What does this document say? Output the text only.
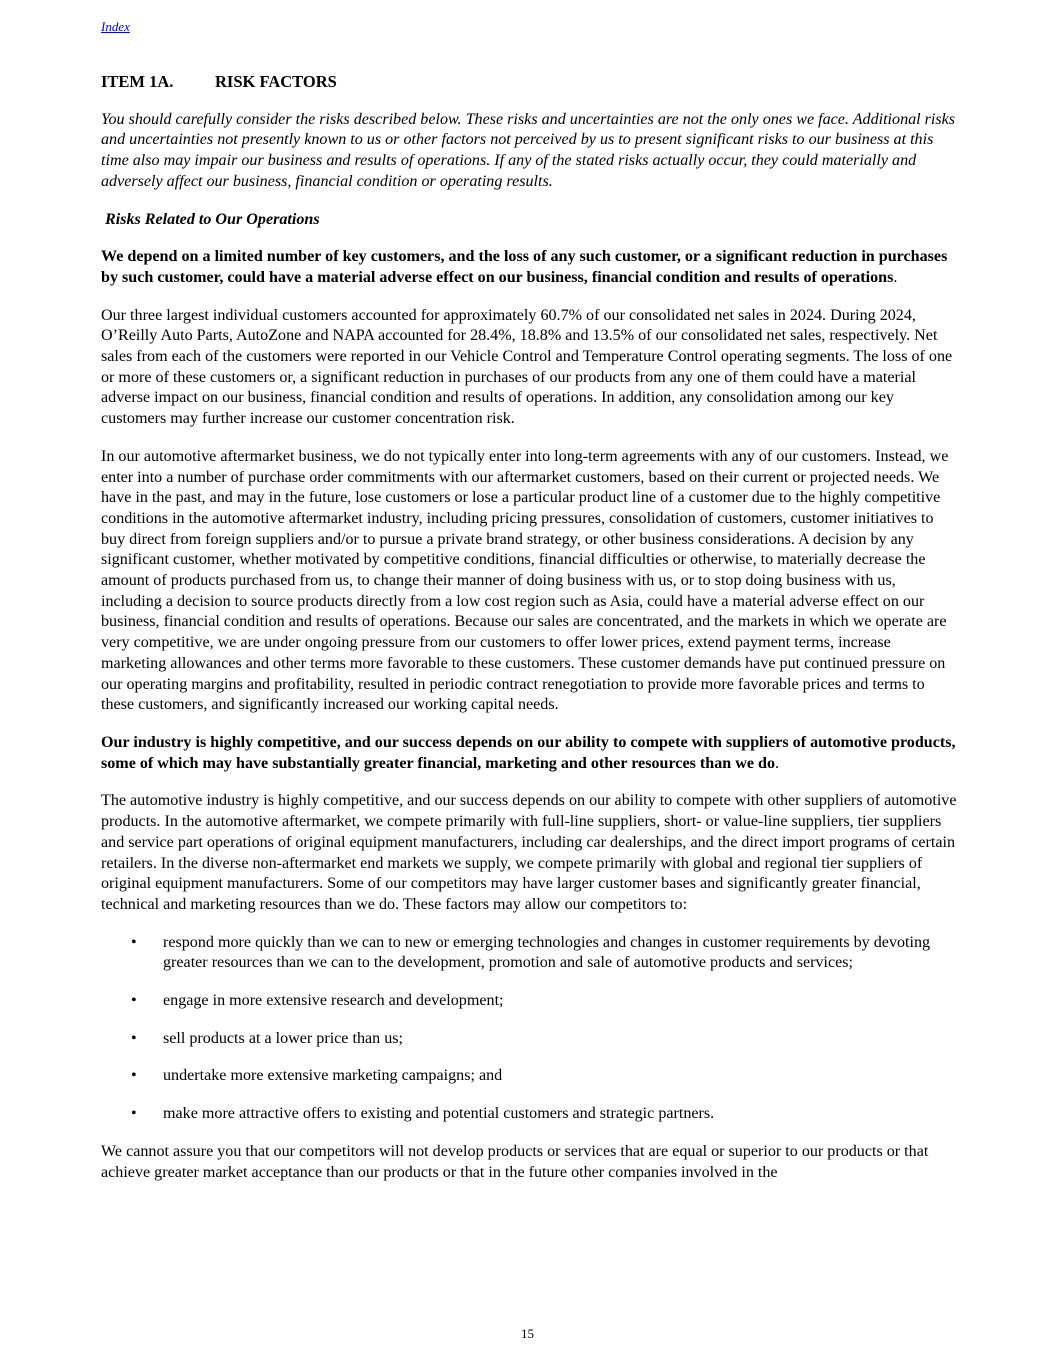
Index
ITEM 1A.	RISK FACTORS

You should carefully consider the risks described below. These risks and uncertainties are not the only ones we face. Additional risks and uncertainties not presently known to us or other factors not perceived by us to present significant risks to our business at this time also may impair our business and results of operations. If any of the stated risks actually occur, they could materially and adversely affect our business, financial condition or operating results.

Risks Related to Our Operations

We depend on a limited number of key customers, and the loss of any such customer, or a significant reduction in purchases by such customer, could have a material adverse effect on our business, financial condition and results of operations.

Our three largest individual customers accounted for approximately 60.7% of our consolidated net sales in 2024. During 2024, O’Reilly Auto Parts, AutoZone and NAPA accounted for 28.4%, 18.8% and 13.5% of our consolidated net sales, respectively. Net sales from each of the customers were reported in our Vehicle Control and Temperature Control operating segments. The loss of one or more of these customers or, a significant reduction in purchases of our products from any one of them could have a material adverse impact on our business, financial condition and results of operations. In addition, any consolidation among our key customers may further increase our customer concentration risk.

In our automotive aftermarket business, we do not typically enter into long-term agreements with any of our customers. Instead, we enter into a number of purchase order commitments with our aftermarket customers, based on their current or projected needs. We have in the past, and may in the future, lose customers or lose a particular product line of a customer due to the highly competitive conditions in the automotive aftermarket industry, including pricing pressures, consolidation of customers, customer initiatives to buy direct from foreign suppliers and/or to pursue a private brand strategy, or other business considerations. A decision by any significant customer, whether motivated by competitive conditions, financial difficulties or otherwise, to materially decrease the amount of products purchased from us, to change their manner of doing business with us, or to stop doing business with us, including a decision to source products directly from a low cost region such as Asia, could have a material adverse effect on our business, financial condition and results of operations. Because our sales are concentrated, and the markets in which we operate are very competitive, we are under ongoing pressure from our customers to offer lower prices, extend payment terms, increase marketing allowances and other terms more favorable to these customers. These customer demands have put continued pressure on our operating margins and profitability, resulted in periodic contract renegotiation to provide more favorable prices and terms to these customers, and significantly increased our working capital needs.

Our industry is highly competitive, and our success depends on our ability to compete with suppliers of automotive products, some of which may have substantially greater financial, marketing and other resources than we do.

The automotive industry is highly competitive, and our success depends on our ability to compete with other suppliers of automotive products. In the automotive aftermarket, we compete primarily with full-line suppliers, short- or value-line suppliers, tier suppliers and service part operations of original equipment manufacturers, including car dealerships, and the direct import programs of certain retailers. In the diverse non-aftermarket end markets we supply, we compete primarily with global and regional tier suppliers of original equipment manufacturers. Some of our competitors may have larger customer bases and significantly greater financial, technical and marketing resources than we do. These factors may allow our competitors to:

• respond more quickly than we can to new or emerging technologies and changes in customer requirements by devoting greater resources than we can to the development, promotion and sale of automotive products and services;
• engage in more extensive research and development;
• sell products at a lower price than us;
• undertake more extensive marketing campaigns; and
• make more attractive offers to existing and potential customers and strategic partners.

We cannot assure you that our competitors will not develop products or services that are equal or superior to our products or that achieve greater market acceptance than our products or that in the future other companies involved in the

15
